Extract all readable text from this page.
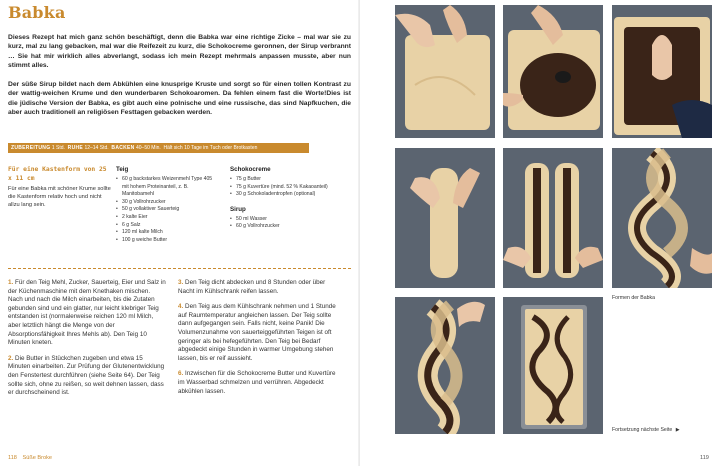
Babka

Dieses Rezept hat mich ganz schön beschäftigt, denn die Babka war eine richtige Zicke – mal war sie zu kurz, mal zu lang gebacken, mal war die Reifezeit zu kurz, die Schokocreme geronnen, der Sirup verbrannt … Sie hat mir wirklich alles abverlangt, sodass ich mein Rezept mehrmals anpassen musste, aber nun stimmt alles.

Der süße Sirup bildet nach dem Abkühlen eine knusprige Kruste und sorgt so für einen tollen Kontrast zu der wattig-weichen Krume und den wunderbaren Schokoaromen. Da fehlen einem fast die Worte!Dies ist die jüdische Version der Babka, es gibt auch eine polnische und eine russische, das sind Napfkuchen, die aber auch traditionell an religiösen Festtagen gebacken werden.

ZUBEREITUNG 1 Std. RUHE 12–14 Std. BACKEN 40–50 Min. Hält sich 10 Tage im Tuch oder Brotkasten
Für eine Kastenform von 25 x 11 cm

Für eine Babka mit schöner Krume sollte die Kastenform relativ hoch und nicht allzu lang sein.

Teig
• 60 g backstarkes Weizenmehl Type 405 mit hohem Proteinanteil, z. B. Manitobamehl
• 30 g Vollrohrzucker
• 50 g vollaktiver Sauerteig
• 2 kalte Eier
• 6 g Salz
• 120 ml kalte Milch
• 100 g weiche Butter
Schokocreme
• 75 g Butter
• 75 g Kuvertüre (mind. 52 % Kakaoanteil)
• 30 g Schokoladentropfen (optional)
Sirup
• 50 ml Wasser
• 60 g Vollrohrzucker

1. Für den Teig Mehl, Zucker, Sauerteig, Eier und Salz in der Küchenmaschine mit dem Knethaken mischen. Nach und nach die Milch einarbeiten, bis die Zutaten gebunden sind und ein glatter, nur leicht klebriger Teig entstanden ist (normalerweise reichen 120 ml Milch, aber letztlich hängt die Menge von der Absorptionsfähigkeit Ihres Mehls ab). Den Teig 10 Minuten kneten.

2. Die Butter in Stückchen zugeben und etwa 15 Minuten einarbeiten. Zur Prüfung der Glutenentwicklung den Fenstertest durchführen (siehe Seite 64). Der Teig sollte sich, ohne zu reißen, so weit dehnen lassen, dass er durchscheinend ist.

3. Den Teig dicht abdecken und 8 Stunden oder über Nacht im Kühlschrank reifen lassen.

4. Den Teig aus dem Kühlschrank nehmen und 1 Stunde auf Raumtemperatur angleichen lassen. Der Teig sollte dann aufgegangen sein. Falls nicht, keine Panik! Die Volumenzunahme von sauerteiggeführten Teigen ist oft geringer als bei hefegeführten. Den Teig bei Bedarf abgedeckt einige Stunden in warmer Umgebung stehen lassen, bis er reif aussieht.

6. Inzwischen für die Schokocreme Butter und Kuvertüre im Wasserbad schmelzen und verrühren. Abgedeckt abkühlen lassen.

118 Süße Broke
Formen der Babka
Fortsetzung nächste Seite ▶
119
